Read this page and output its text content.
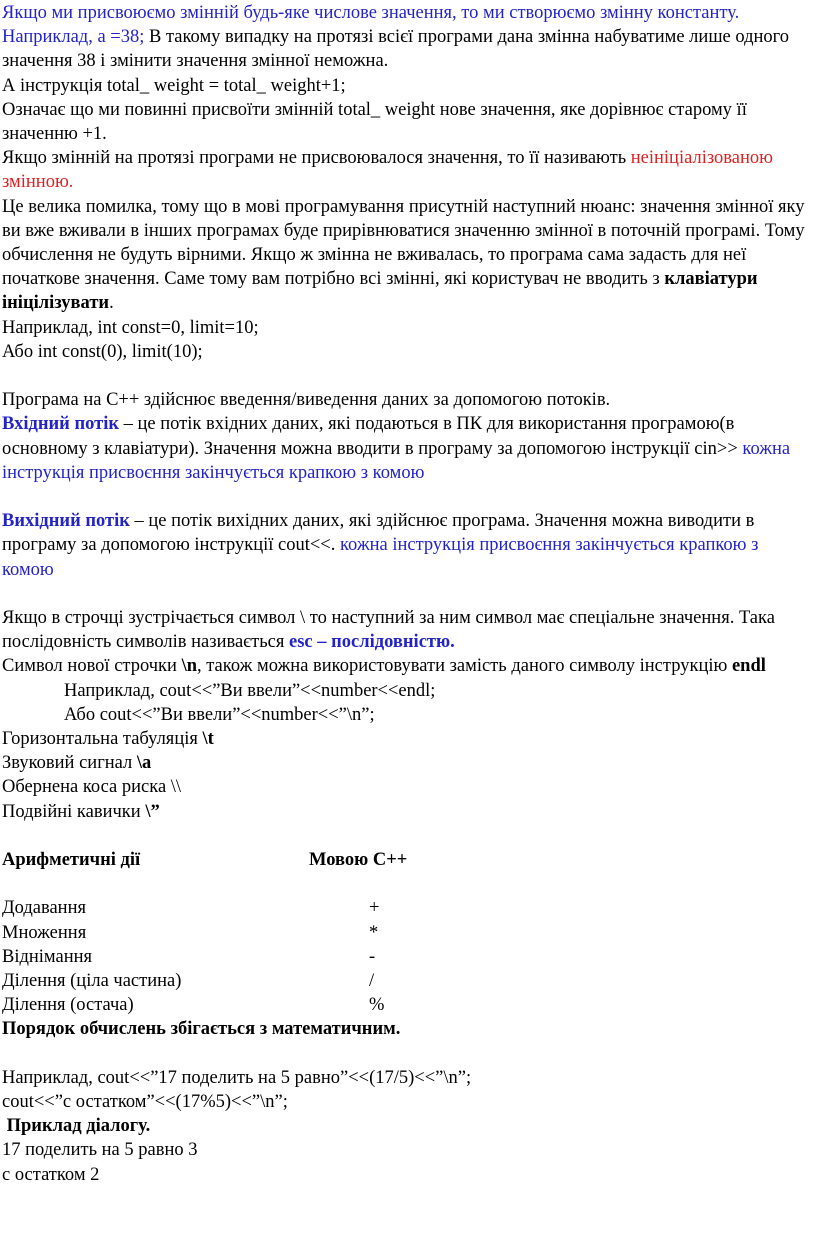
Якщо ми присвоюємо змінній будь-яке числове значення, то ми створюємо змінну константу. Наприклад, а =38; В такому випадку на протязі всієї програми дана змінна набуватиме лише одного значення 38 і змінити значення змінної неможна.

А інструкція total_ weight = total_ weight+1;

Означає що ми повинні присвоїти змінній total_ weight нове значення, яке дорівнює старому її значенню +1.

Якщо змінній на протязі програми не присвоювалося значення, то її називають неініціалізованою змінною.

Це велика помилка, тому що в мові програмування присутній наступний нюанс: значення змінної яку ви вже вживали в інших програмах буде прирівнюватися значенню змінної в поточній програмі. Тому обчислення не будуть вірними. Якщо ж змінна не вживалась, то програма сама задасть для неї початкове значення. Саме тому вам потрібно всі змінні, які користувач не вводить з клавіатури ініцілізувати.

Наприклад, int const=0, limit=10;

Або int const(0), limit(10);

Програма на С++ здійснює введення/виведення даних за допомогою потоків.

Вхідний потік – це потік вхідних даних, які подаються в ПК для використання програмою(в основному з клавіатури). Значення можна вводити в програму за допомогою інструкції cin>> кожна інструкція присвоєння закінчується крапкою з комою

Вихідний потік – це потік вихідних даних, які здійснює програма. Значення можна виводити в програму за допомогою інструкції cout<<. кожна інструкція присвоєння закінчується крапкою з комою

Якщо в строчці зустрічається символ \ то наступний за ним символ має спеціальне значення. Така послідовність символів називається esc – послідовністю.

Символ нової строчки \n, також можна використовувати замість даного символу інструкцію endl

Наприклад, cout<<”Ви ввели”<<number<<endl;

Або cout<<”Ви ввели”<<number<<”\n”;

Горизонтальна табуляція \t

Звуковий сигнал \a

Обернена коса риска \\

Подвійні кавички \”

Арифметичні дії	Мовою С++
Додавання	+
Множення	*
Віднімання	-
Ділення (ціла частина)	/
Ділення (остача)	%

Порядок обчислень збігається з математичним.

Наприклад, cout<<”17 поделить на 5 равно”<<(17/5)<<”\n”;

cout<<”с остатком”<<(17%5)<<”\n”;

Приклад діалогу.

17 поделить на 5 равно 3

с остатком 2
